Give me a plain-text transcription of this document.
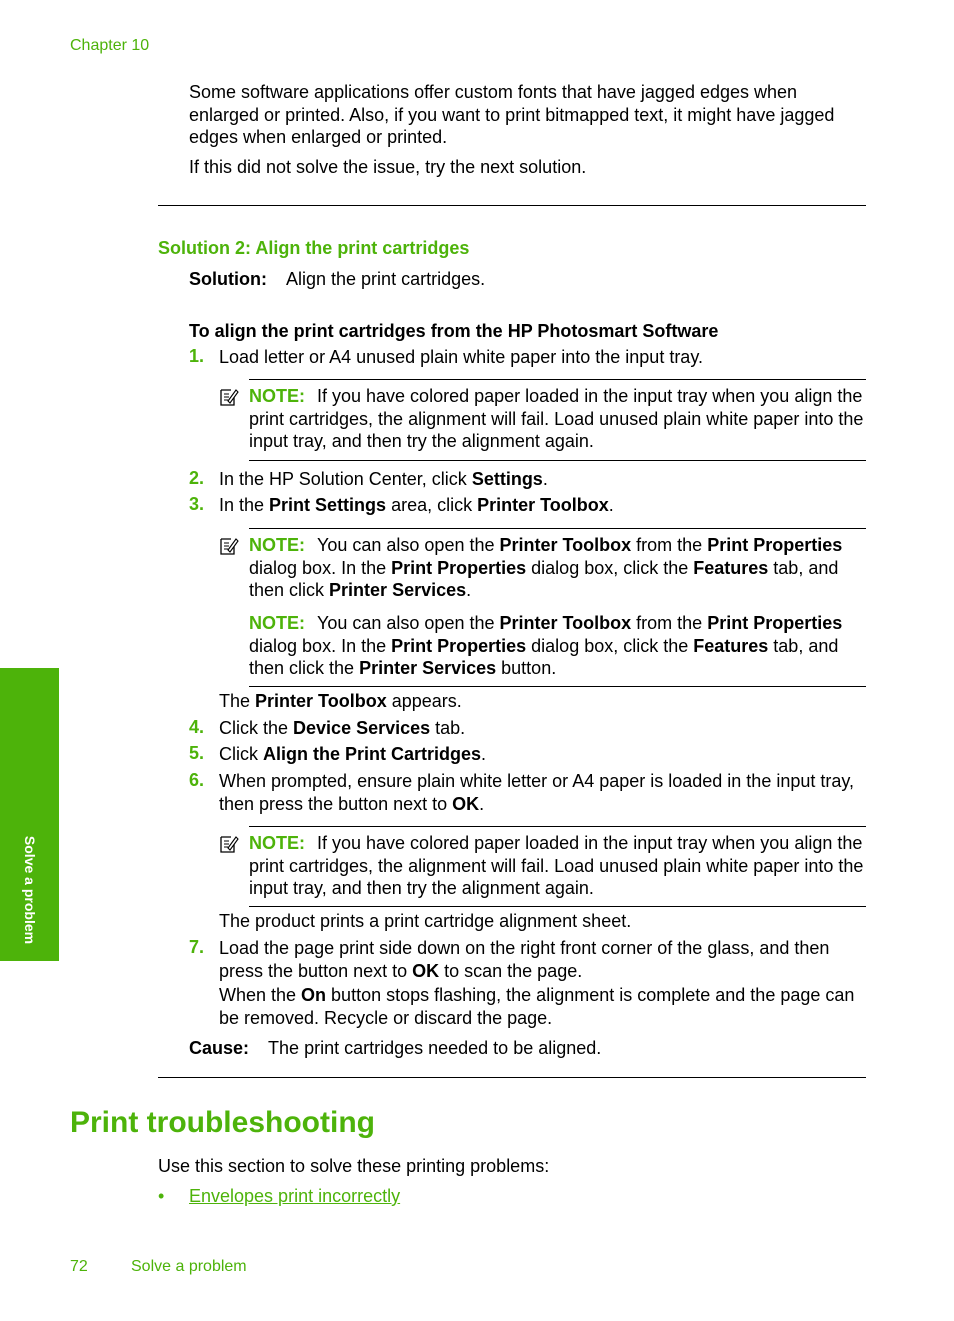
Chapter 10
Some software applications offer custom fonts that have jagged edges when enlarged or printed. Also, if you want to print bitmapped text, it might have jagged edges when enlarged or printed.
If this did not solve the issue, try the next solution.
Solution 2: Align the print cartridges
Solution: Align the print cartridges.
To align the print cartridges from the HP Photosmart Software
1. Load letter or A4 unused plain white paper into the input tray.
NOTE: If you have colored paper loaded in the input tray when you align the print cartridges, the alignment will fail. Load unused plain white paper into the input tray, and then try the alignment again.
2. In the HP Solution Center, click Settings.
3. In the Print Settings area, click Printer Toolbox.
NOTE: You can also open the Printer Toolbox from the Print Properties dialog box. In the Print Properties dialog box, click the Features tab, and then click Printer Services.
NOTE: You can also open the Printer Toolbox from the Print Properties dialog box. In the Print Properties dialog box, click the Features tab, and then click the Printer Services button.
The Printer Toolbox appears.
4. Click the Device Services tab.
5. Click Align the Print Cartridges.
6. When prompted, ensure plain white letter or A4 paper is loaded in the input tray, then press the button next to OK.
NOTE: If you have colored paper loaded in the input tray when you align the print cartridges, the alignment will fail. Load unused plain white paper into the input tray, and then try the alignment again.
The product prints a print cartridge alignment sheet.
7. Load the page print side down on the right front corner of the glass, and then press the button next to OK to scan the page.
When the On button stops flashing, the alignment is complete and the page can be removed. Recycle or discard the page.
Cause: The print cartridges needed to be aligned.
Print troubleshooting
Use this section to solve these printing problems:
• Envelopes print incorrectly
Solve a problem
72	Solve a problem
